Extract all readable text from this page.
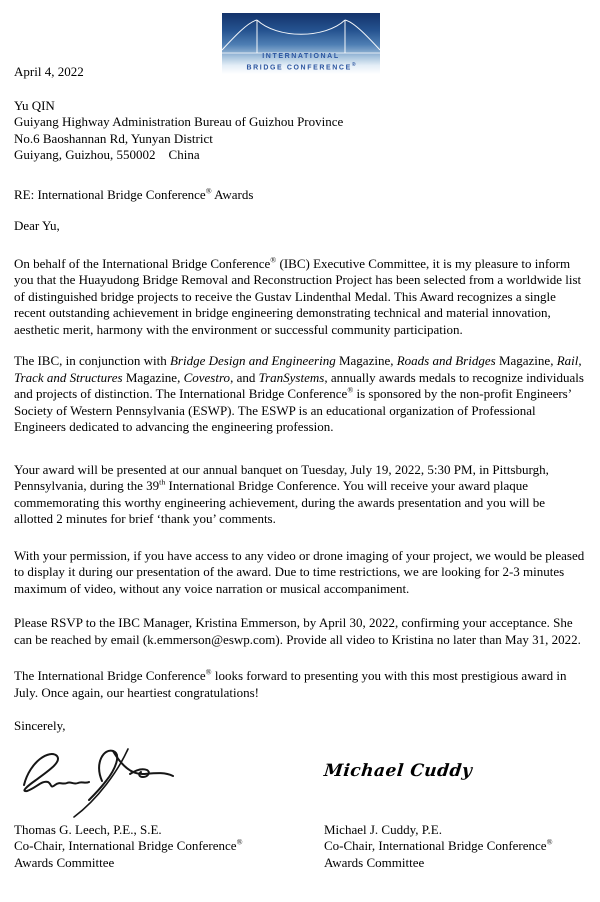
INTERNATIONAL
BRIDGE CONFERENCE®
April 4, 2022
Yu QIN
Guiyang Highway Administration Bureau of Guizhou Province
No.6 Baoshannan Rd, Yunyan District
Guiyang, Guizhou, 550002    China
RE: International Bridge Conference® Awards
Dear Yu,

On behalf of the International Bridge Conference® (IBC) Executive Committee, it is my pleasure to inform you that the Huayudong Bridge Removal and Reconstruction Project has been selected from a worldwide list of distinguished bridge projects to receive the Gustav Lindenthal Medal. This Award recognizes a single recent outstanding achievement in bridge engineering demonstrating technical and material innovation, aesthetic merit, harmony with the environment or successful community participation.

The IBC, in conjunction with Bridge Design and Engineering Magazine, Roads and Bridges Magazine, Rail, Track and Structures Magazine, Covestro, and TranSystems, annually awards medals to recognize individuals and projects of distinction. The International Bridge Conference® is sponsored by the non-profit Engineers’ Society of Western Pennsylvania (ESWP). The ESWP is an educational organization of Professional Engineers dedicated to advancing the engineering profession.

Your award will be presented at our annual banquet on Tuesday, July 19, 2022, 5:30 PM, in Pittsburgh, Pennsylvania, during the 39th International Bridge Conference. You will receive your award plaque commemorating this worthy engineering achievement, during the awards presentation and you will be allotted 2 minutes for brief ‘thank you’ comments.

With your permission, if you have access to any video or drone imaging of your project, we would be pleased to display it during our presentation of the award. Due to time restrictions, we are looking for 2-3 minutes maximum of video, without any voice narration or musical accompaniment.

Please RSVP to the IBC Manager, Kristina Emmerson, by April 30, 2022, confirming your acceptance. She can be reached by email (k.emmerson@eswp.com). Provide all video to Kristina no later than May 31, 2022.

The International Bridge Conference® looks forward to presenting you with this most prestigious award in July. Once again, our heartiest congratulations!

Sincerely,
Michael Cuddy
Thomas G. Leech, P.E., S.E.
Co-Chair, International Bridge Conference®
Awards Committee
Michael J. Cuddy, P.E.
Co-Chair, International Bridge Conference®
Awards Committee
